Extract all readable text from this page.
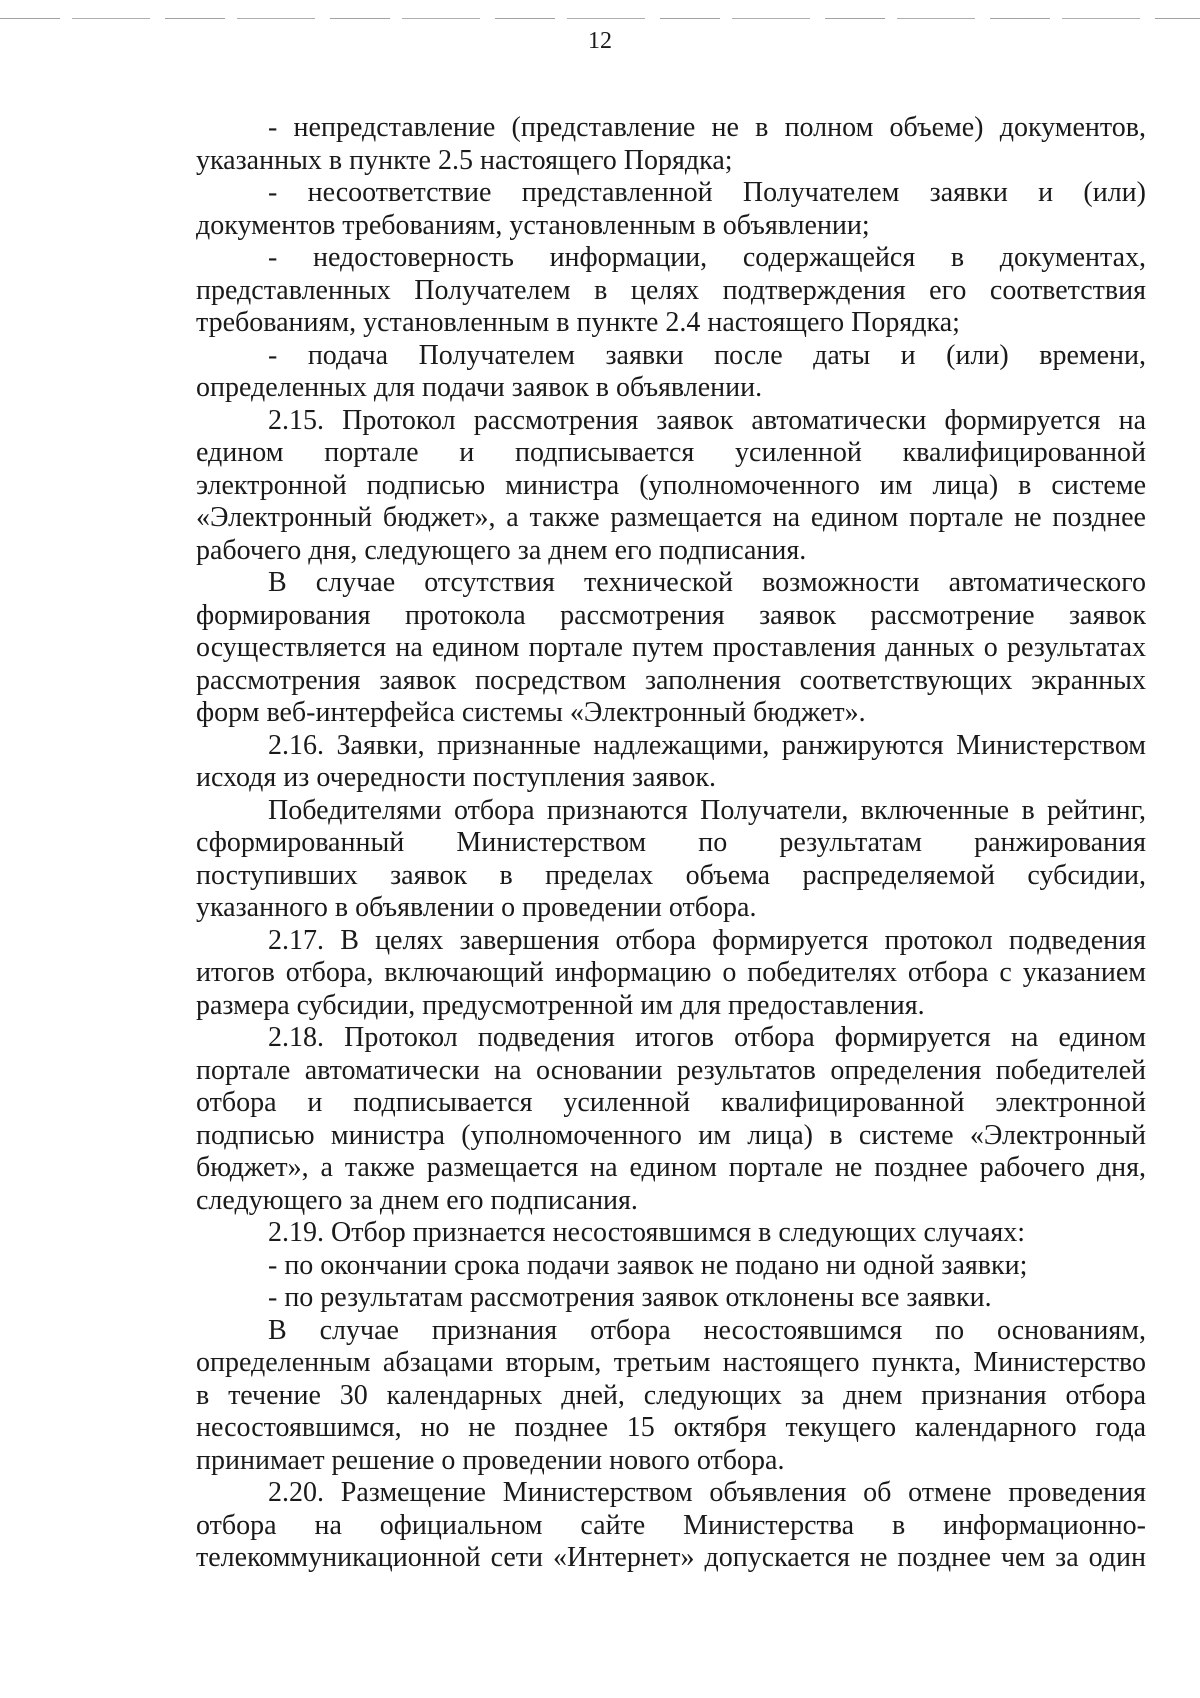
12
- непредставление (представление не в полном объеме) документов,
указанных в пункте 2.5 настоящего Порядка;
- несоответствие представленной Получателем заявки и (или)
документов требованиям, установленным в объявлении;
- недостоверность информации, содержащейся в документах,
представленных Получателем в целях подтверждения его соответствия
требованиям, установленным в пункте 2.4 настоящего Порядка;
- подача Получателем заявки после даты и (или) времени,
определенных для подачи заявок в объявлении.
2.15. Протокол рассмотрения заявок автоматически формируется на
едином портале и подписывается усиленной квалифицированной
электронной подписью министра (уполномоченного им лица) в системе
«Электронный бюджет», а также размещается на едином портале не позднее
рабочего дня, следующего за днем его подписания.
В случае отсутствия технической возможности автоматического
формирования протокола рассмотрения заявок рассмотрение заявок
осуществляется на едином портале путем проставления данных о результатах
рассмотрения заявок посредством заполнения соответствующих экранных
форм веб-интерфейса системы «Электронный бюджет».
2.16. Заявки, признанные надлежащими, ранжируются Министерством
исходя из очередности поступления заявок.
Победителями отбора признаются Получатели, включенные в рейтинг,
сформированный Министерством по результатам ранжирования
поступивших заявок в пределах объема распределяемой субсидии,
указанного в объявлении о проведении отбора.
2.17. В целях завершения отбора формируется протокол подведения
итогов отбора, включающий информацию о победителях отбора с указанием
размера субсидии, предусмотренной им для предоставления.
2.18. Протокол подведения итогов отбора формируется на едином
портале автоматически на основании результатов определения победителей
отбора и подписывается усиленной квалифицированной электронной
подписью министра (уполномоченного им лица) в системе «Электронный
бюджет», а также размещается на едином портале не позднее рабочего дня,
следующего за днем его подписания.
2.19. Отбор признается несостоявшимся в следующих случаях:
- по окончании срока подачи заявок не подано ни одной заявки;
- по результатам рассмотрения заявок отклонены все заявки.
В случае признания отбора несостоявшимся по основаниям,
определенным абзацами вторым, третьим настоящего пункта, Министерство
в течение 30 календарных дней, следующих за днем признания отбора
несостоявшимся, но не позднее 15 октября текущего календарного года
принимает решение о проведении нового отбора.
2.20. Размещение Министерством объявления об отмене проведения
отбора на официальном сайте Министерства в информационно-
телекоммуникационной сети «Интернет» допускается не позднее чем за один
